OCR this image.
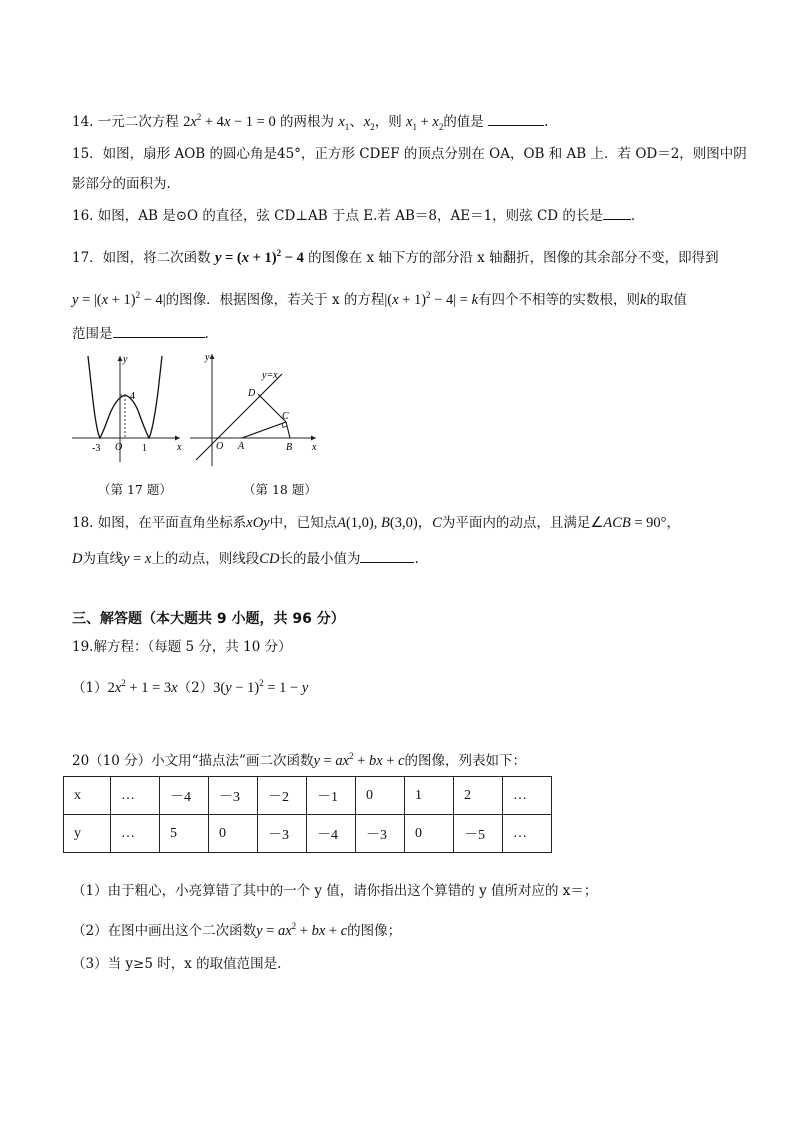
14. 一元二次方程 $2x^2 + 4x - 1 = 0$ 的两根为 $x_1$、$x_2$，则 $x_1 + x_2$的值是	.
15．如图，扇形 AOB 的圆心角是45°，正方形 CDEF 的顶点分别在 OA，OB 和 AB 上．若 OD＝2，则图中阴
影部分的面积为.
16. 如图，AB 是⊙O 的直径，弦 CD⊥AB 于点 E.若 AB＝8，AE＝1，则弦 CD 的长是 .
17．如图，将二次函数 $y = (x + 1)^2 - 4$ 的图像在 x 轴下方的部分沿 x 轴翻折，图像的其余部分不变，即得到
$y = |(x + 1)^2 - 4|$的图像．根据图像，若关于 x 的方程$|(x + 1)^2 - 4| = k$有四个不相等的实数根，则k的取值
范围是	.
y
x
O
-3	1
4
y
x
O A	B
C
D
y=x
（第 17 题）	（第 18 题）
18. 如图，在平面直角坐标系xOy中，已知点A(1,0), B(3,0)，C为平面内的动点，且满足∠ACB = 90°，
D为直线y = x上的动点，则线段CD长的最小值为	.
三、解答题（本大题共 9 小题，共 96 分）
19.解方程：（每题 5 分，共 10 分）
$(1)2x^2 + 1 = 3x(2)3(y - 1)^2 = 1 - y$
20（10 分）小文用“描点法”画二次函数$y = ax^2$ + bx + c的图像，列表如下：
x	…	－4	－3	－2	－1	0	1	2	…
y	…	5	0	－3	－4	－3	0	－5	…
（1）由于粗心，小亮算错了其中的一个 y 值，请你指出这个算错的 y 值所对应的 x＝；
（2）在图中画出这个二次函数$y = ax^2$ + bx + c的图像；
（3）当 y≥5 时，x 的取值范围是.
